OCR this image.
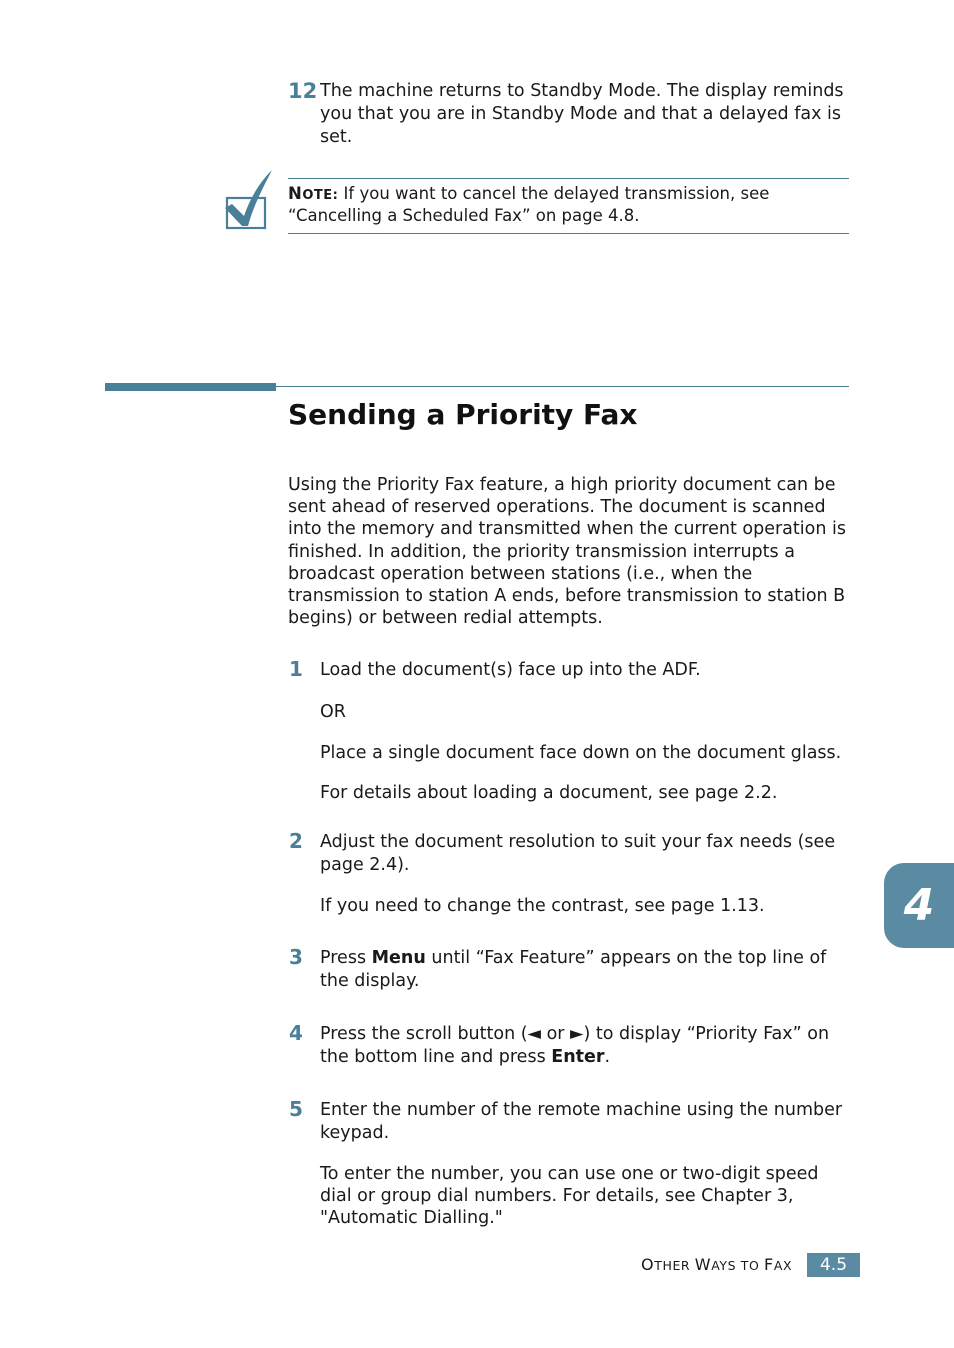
12 The machine returns to Standby Mode. The display reminds
you that you are in Standby Mode and that a delayed fax is
set.
NOTE: If you want to cancel the delayed transmission, see
“Cancelling a Scheduled Fax” on page 4.8.
Sending a Priority Fax
Using the Priority Fax feature, a high priority document can be
sent ahead of reserved operations. The document is scanned
into the memory and transmitted when the current operation is
finished. In addition, the priority transmission interrupts a
broadcast operation between stations (i.e., when the
transmission to station A ends, before transmission to station B
begins) or between redial attempts.
1 Load the document(s) face up into the ADF.
OR
Place a single document face down on the document glass.
For details about loading a document, see page 2.2.
2 Adjust the document resolution to suit your fax needs (see
page 2.4).
If you need to change the contrast, see page 1.13.
3 Press Menu until “Fax Feature” appears on the top line of
the display.
4 Press the scroll button (◄ or ►) to display “Priority Fax” on
the bottom line and press Enter.
5 Enter the number of the remote machine using the number
keypad.
To enter the number, you can use one or two-digit speed
dial or group dial numbers. For details, see Chapter 3,
"Automatic Dialling."
4
OTHER WAYS TO FAX	4.5
